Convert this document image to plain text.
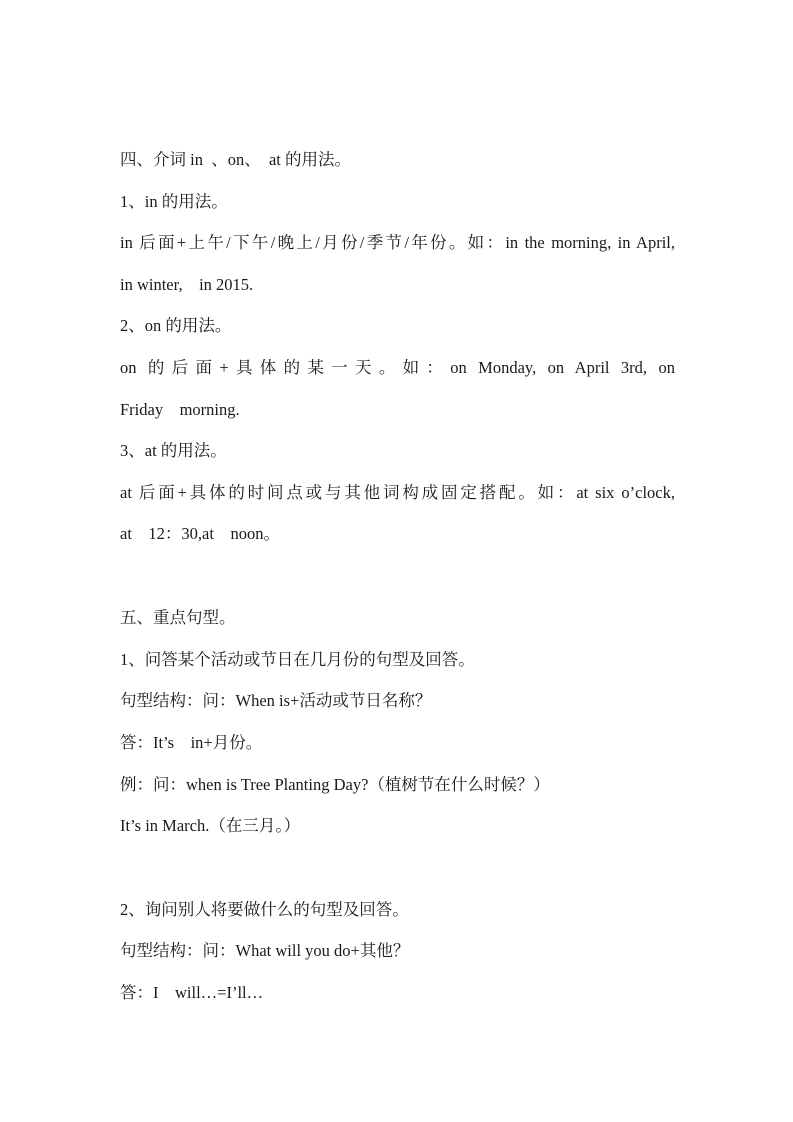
四、介词 in  、on、  at 的用法。
1、in 的用法。
in 后面+上午/下午/晚上/月份/季节/年份。如：in the morning, in April,
in winter,    in 2015.
2、on 的用法。
on 的后面+具体的某一天。如：on Monday, on April 3rd, on
Friday    morning.
3、at 的用法。
at 后面+具体的时间点或与其他词构成固定搭配。如：at six o’clock,
at    12：30,at    noon。
五、重点句型。
1、问答某个活动或节日在几月份的句型及回答。
句型结构：问：When is+活动或节日名称？
答：It’s    in+月份。
例：问：when is Tree Planting Day?（植树节在什么时候？）
It’s in March.（在三月。）
2、询问别人将要做什么的句型及回答。
句型结构：问：What will you do+其他？
答：I    will…=I’ll…
